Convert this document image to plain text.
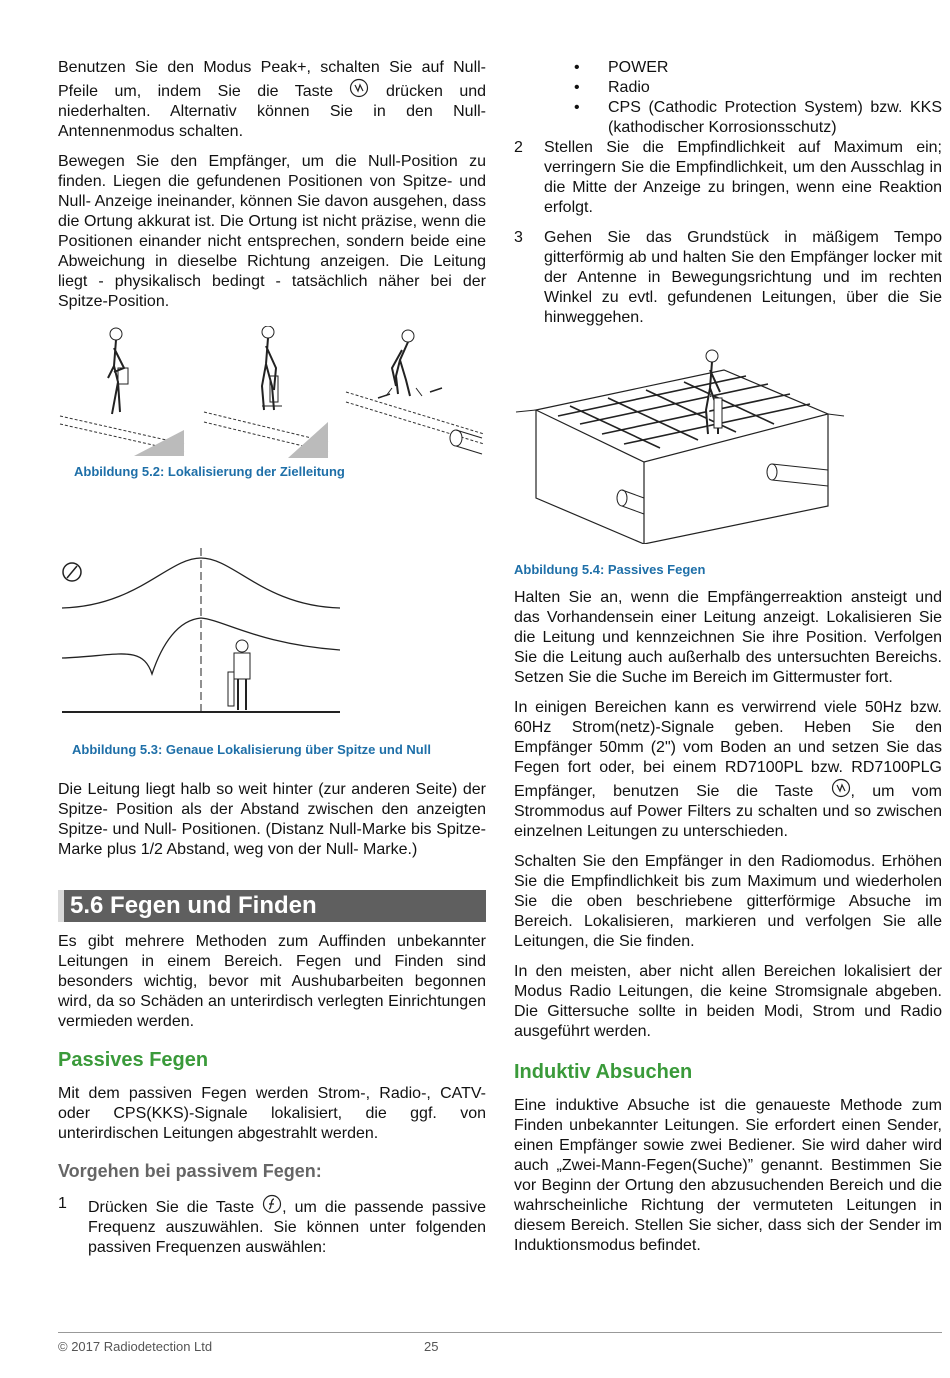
Benutzen Sie den Modus Peak+, schalten Sie auf Null-Pfeile um, indem Sie die Taste	drücken und niederhalten. Alternativ können Sie in den Null-Antennenmodus schalten.

Bewegen Sie den Empfänger, um die Null-Position zu finden. Liegen die gefundenen Positionen von Spitze- und Null- Anzeige ineinander, können Sie davon ausgehen, dass die Ortung akkurat ist. Die Ortung ist nicht präzise, wenn die Positionen einander nicht entsprechen, sondern beide eine Abweichung in dieselbe Richtung anzeigen. Die Leitung liegt - physikalisch bedingt - tatsächlich näher bei der Spitze-Position.

Abbildung 5.2: Lokalisierung der Zielleitung

Abbildung 5.3: Genaue Lokalisierung über Spitze und Null

Die Leitung liegt halb so weit hinter (zur anderen Seite) der Spitze- Position als der Abstand zwischen den anzeigten Spitze- und Null- Positionen. (Distanz Null-Marke bis Spitze- Marke plus 1/2 Abstand, weg von der Null- Marke.)

5.6 Fegen und Finden

Es gibt mehrere Methoden zum Auffinden unbekannter Leitungen in einem Bereich. Fegen und Finden sind besonders wichtig, bevor mit Aushubarbeiten begonnen wird, da so Schäden an unterirdisch verlegten Einrichtungen vermieden werden.

Passives Fegen

Mit dem passiven Fegen werden Strom-, Radio-, CATV- oder CPS(KKS)-Signale lokalisiert, die ggf. von unterirdischen Leitungen abgestrahlt werden.

Vorgehen bei passivem Fegen:
1 Drücken Sie die Taste , um die passende passive Frequenz auszuwählen. Sie können unter folgenden passiven Frequenzen auswählen:
• POWER
• Radio
• CPS (Cathodic Protection System) bzw. KKS (kathodischer Korrosionsschutz)
2 Stellen Sie die Empfindlichkeit auf Maximum ein; verringern Sie die Empfindlichkeit, um den Ausschlag in die Mitte der Anzeige zu bringen, wenn eine Reaktion erfolgt.
3 Gehen Sie das Grundstück in mäßigem Tempo gitterförmig ab und halten Sie den Empfänger locker mit der Antenne in Bewegungsrichtung und im rechten Winkel zu evtl. gefundenen Leitungen, über die Sie hinweggehen.

Abbildung 5.4: Passives Fegen

Halten Sie an, wenn die Empfängerreaktion ansteigt und das Vorhandensein einer Leitung anzeigt. Lokalisieren Sie die Leitung und kennzeichnen Sie ihre Position. Verfolgen Sie die Leitung auch außerhalb des untersuchten Bereichs. Setzen Sie die Suche im Bereich im Gittermuster fort.

In einigen Bereichen kann es verwirrend viele 50Hz bzw. 60Hz Strom(netz)-Signale geben. Heben Sie den Empfänger 50mm (2") vom Boden an und setzen Sie das Fegen fort oder, bei einem RD7100PL bzw. RD7100PLG Empfänger, benutzen Sie die Taste , um vom Strommodus auf Power Filters zu schalten und so zwischen einzelnen Leitungen zu unterschieden.

Schalten Sie den Empfänger in den Radiomodus. Erhöhen Sie die Empfindlichkeit bis zum Maximum und wiederholen Sie die oben beschriebene gitterförmige Absuche im Bereich. Lokalisieren, markieren und verfolgen Sie alle Leitungen, die Sie finden.

In den meisten, aber nicht allen Bereichen lokalisiert der Modus Radio Leitungen, die keine Stromsignale abgeben. Die Gittersuche sollte in beiden Modi, Strom und Radio ausgeführt werden.

Induktiv Absuchen

Eine induktive Absuche ist die genaueste Methode zum Finden unbekannter Leitungen. Sie erfordert einen Sender, einen Empfänger sowie zwei Bediener. Sie wird daher wird auch „Zwei-Mann-Fegen(Suche)” genannt. Bestimmen Sie vor Beginn der Ortung den abzusuchenden Bereich und die wahrscheinliche Richtung der vermuteten Leitungen in diesem Bereich. Stellen Sie sicher, dass sich der Sender im Induktionsmodus befindet.

© 2017 Radiodetection Ltd	25
